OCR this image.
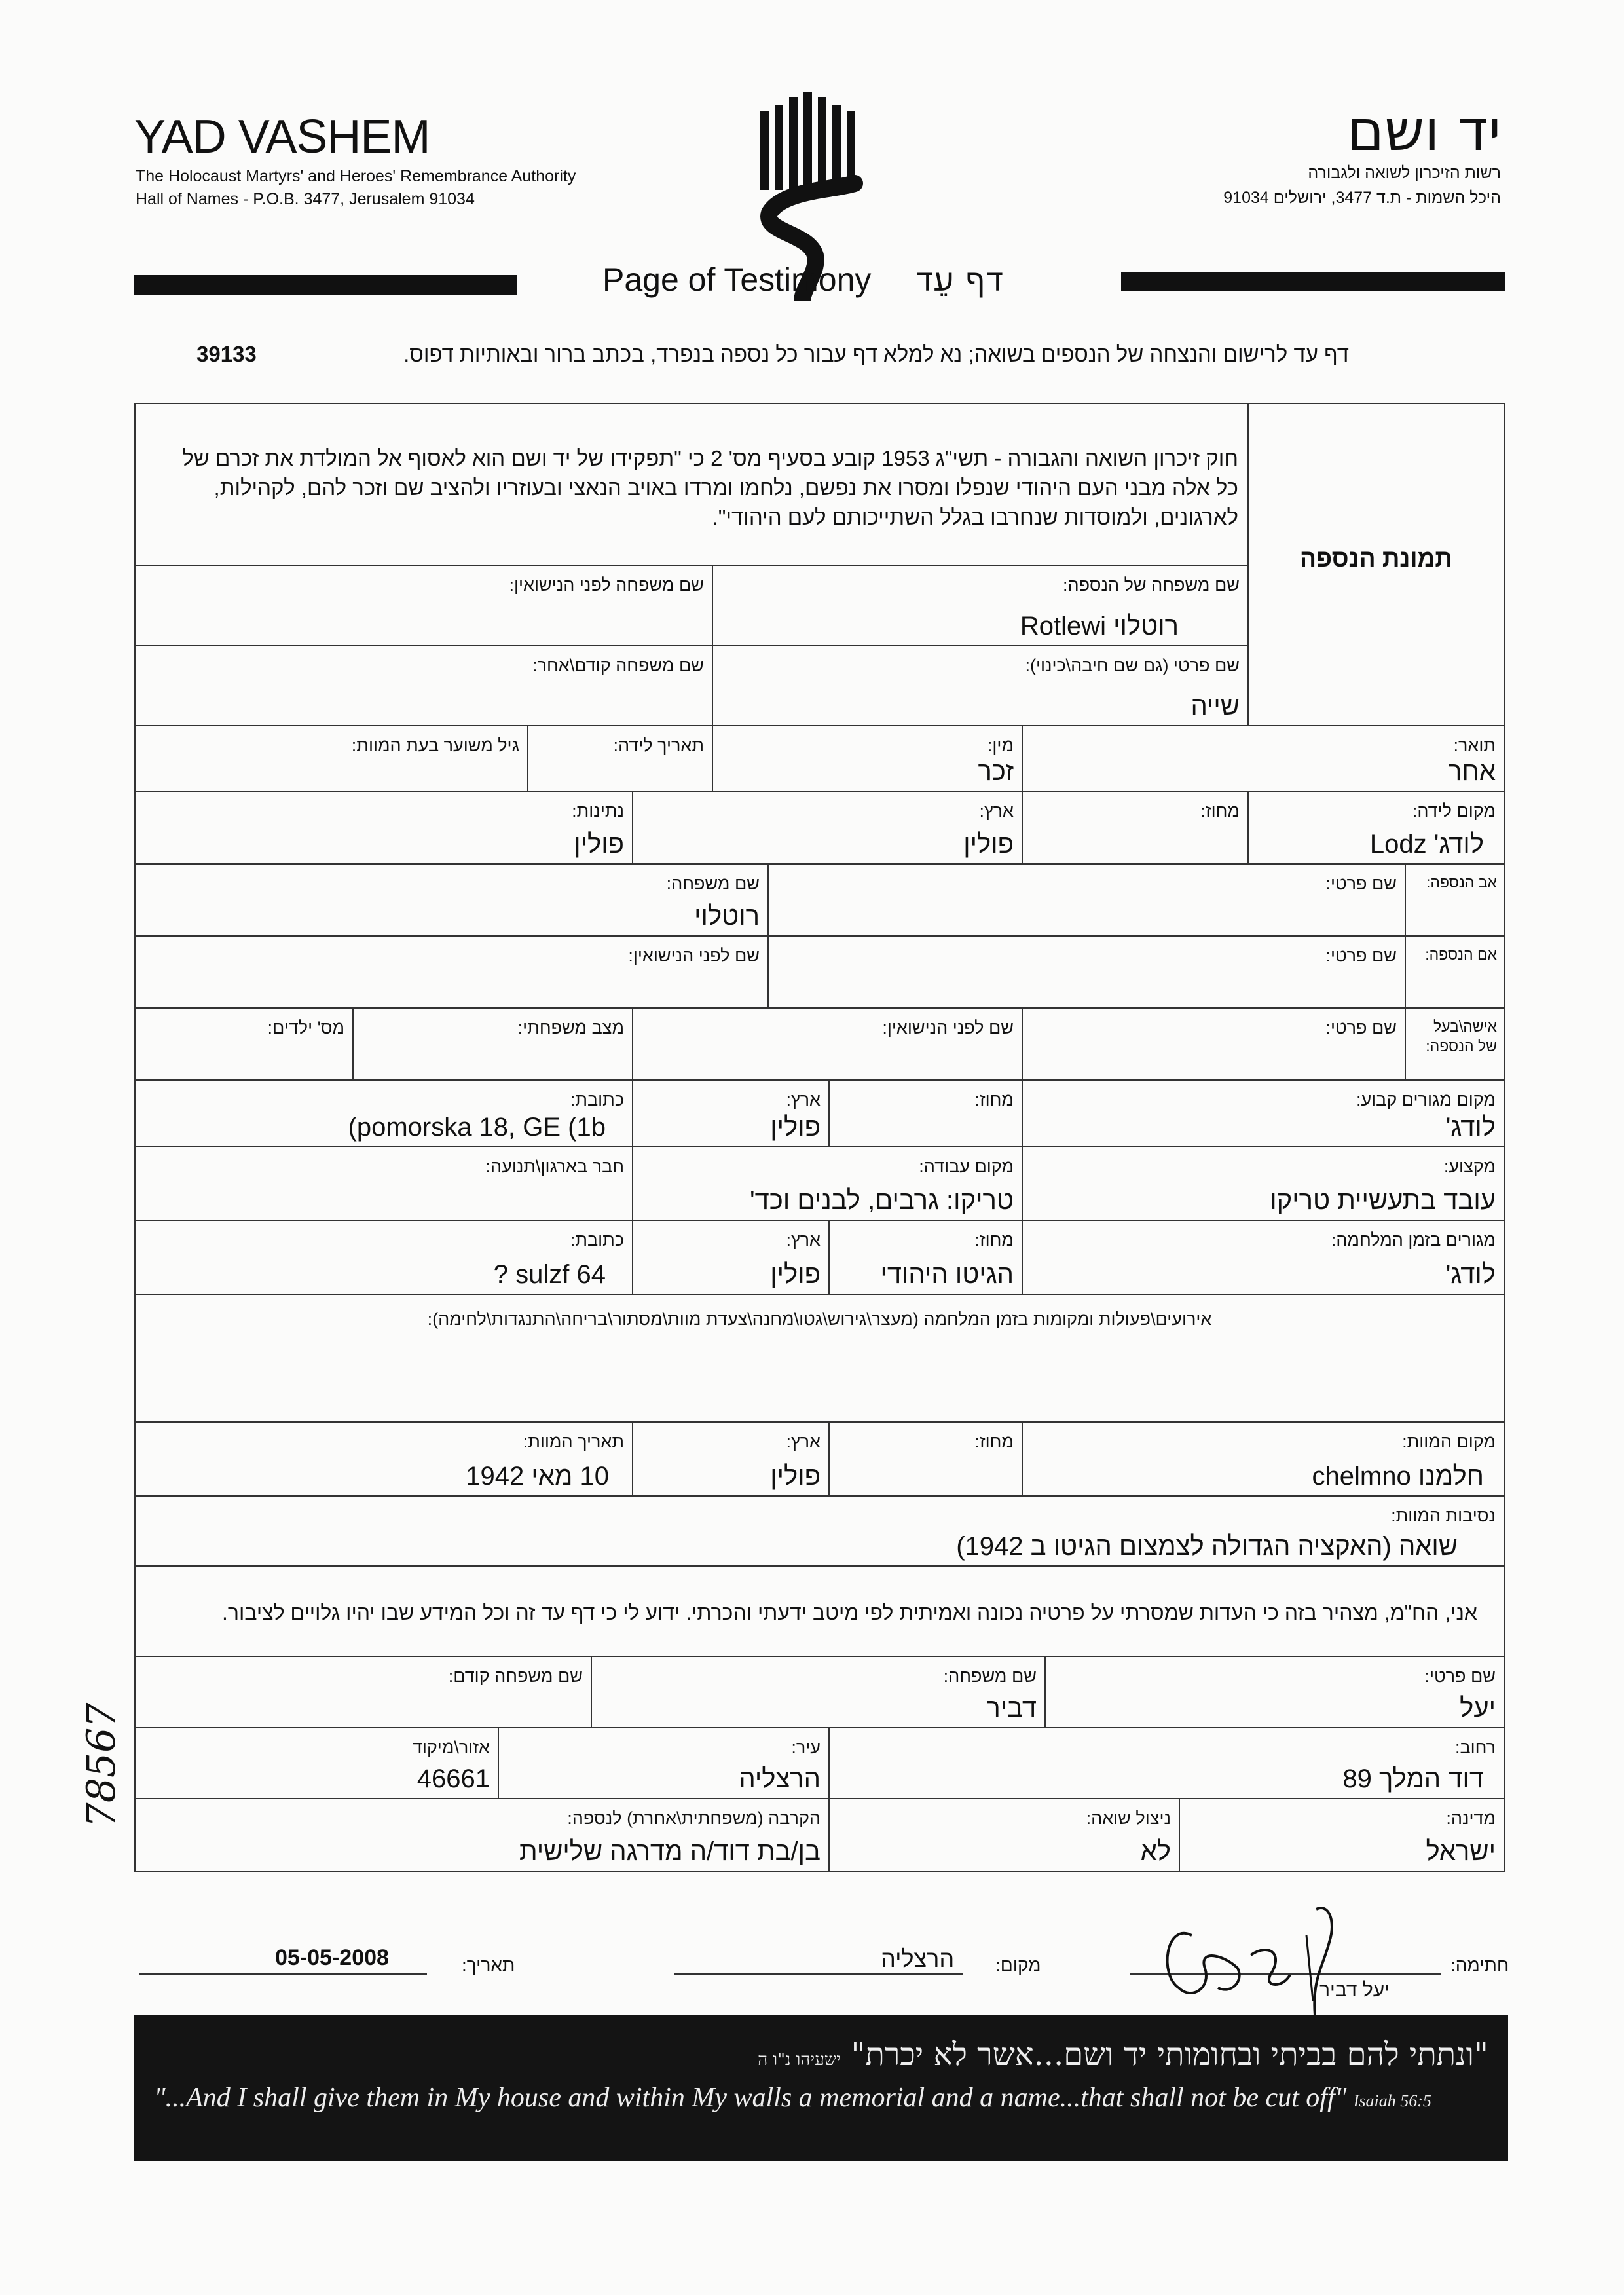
YAD VASHEM
The Holocaust Martyrs' and Heroes' Remembrance Authority
Hall of Names - P.O.B. 3477, Jerusalem 91034
יד ושם
רשות הזיכרון לשואה ולגבורה
היכל השמות - ת.ד 3477, ירושלים 91034
Page of Testimony דף עֵד
דף עד לרישום והנצחה של הנספים בשואה; נא למלא דף עבור כל נספה בנפרד, בכתב ברור ובאותיות דפוס.
39133
78567
חוק זיכרון השואה והגבורה - תשי"ג 1953 קובע בסעיף מס' 2 כי "תפקידו של יד ושם הוא לאסוף אל המולדת את זכרם של כל אלה מבני העם היהודי שנפלו ומסרו את נפשם, נלחמו ומרדו באויב הנאצי ובעוזריו ולהציב שם וזכר להם, לקהילות, לארגונים, ולמוסדות שנחרבו בגלל השתייכותם לעם היהודי".
תמונת הנספה
שם משפחה של הנספה:
רוטלוי Rotlewi
שם משפחה לפני הנישואין:
שם פרטי (גם שם חיבה\כינוי):
שייה
שם משפחה קודם\אחר:
תואר:
אחר
מין:
זכר
תאריך לידה:
גיל משוער בעת המוות:
מקום לידה:
לודג' Lodz
מחוז:
ארץ:
פולין
נתינות:
פולין
אב הנספה:
שם פרטי:
שם משפחה:
רוטלוי
אם הנספה:
שם פרטי:
שם לפני הנישואין:
אישה\בעל
של הנספה:
שם פרטי:
שם לפני הנישואין:
מצב משפחתי:
מס' ילדים:
מקום מגורים קבוע:
לודג'
מחוז:
ארץ:
פולין
כתובת:
(pomorska 18, GE (1b
מקצוע:
עובד בתעשיית טריקו
מקום עבודה:
טריקו: גרבים, לבנים וכד'
חבר בארגון\תנועה:
מגורים בזמן המלחמה:
לודג'
מחוז:
הגיטו היהודי
ארץ:
פולין
כתובת:
? sulzf 64
אירועים\פעולות ומקומות בזמן המלחמה (מעצר\גירוש\גטו\מחנה\צעדת מוות\מסתור\בריחה\התנגדות\לחימה):
מקום המוות:
חלמנו chelmno
מחוז:
ארץ:
פולין
תאריך המוות:
10 מאי 1942
נסיבות המוות:
שואה (האקציה הגדולה לצמצום הגיטו ב 1942)
אני, הח"מ, מצהיר בזה כי העדות שמסרתי על פרטיה נכונה ואמיתית לפי מיטב ידעתי והכרתי. ידוע לי כי דף עד זה וכל המידע שבו יהיו גלויים לציבור.
שם פרטי:
יעל
שם משפחה:
דביר
שם משפחה קודם:
רחוב:
דוד המלך 89
עיר:
הרצליה
אזור\מיקוד
46661
מדינה:
ישראל
ניצול שואה:
לא
הקרבה (משפחתית\אחרת) לנספה:
בן/בת דוד/ה מדרגה שלישית
חתימה:
יעל דביר
מקום:
הרצליה
תאריך:
05-05-2008
"ונתתי להם בביתי ובחומותי יד ושם...אשר לא יכרת" ישעיהו נ"ו ה
"...And I shall give them in My house and within My walls a memorial and a name...that shall not be cut off" Isaiah 56:5
